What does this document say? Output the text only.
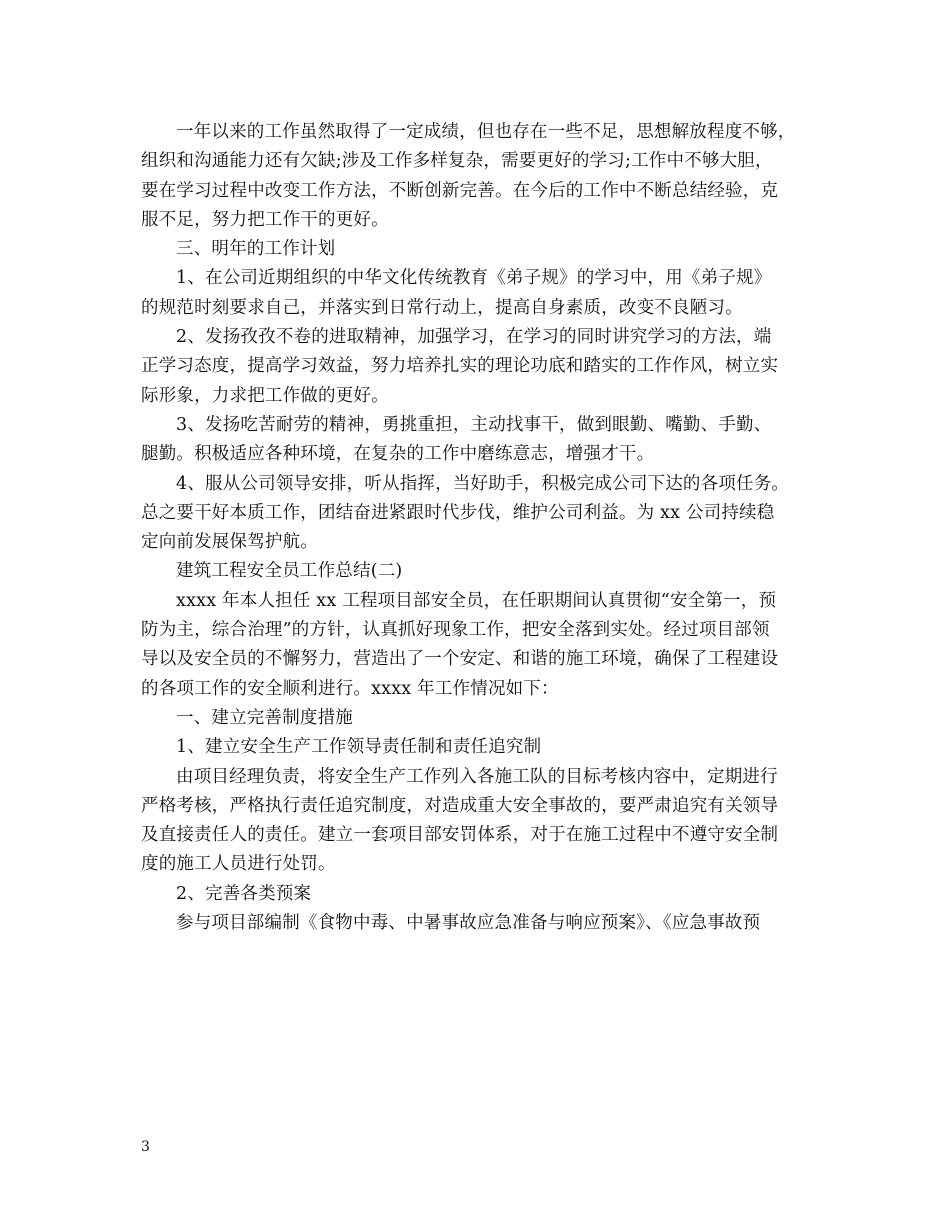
一年以来的工作虽然取得了一定成绩，但也存在一些不足，思想解放程度不够，
组织和沟通能力还有欠缺;涉及工作多样复杂，需要更好的学习;工作中不够大胆，
要在学习过程中改变工作方法，不断创新完善。在今后的工作中不断总结经验，克
服不足，努力把工作干的更好。
三、明年的工作计划
1、在公司近期组织的中华文化传统教育《弟子规》的学习中，用《弟子规》
的规范时刻要求自己，并落实到日常行动上，提高自身素质，改变不良陋习。
2、发扬孜孜不卷的进取精神，加强学习，在学习的同时讲究学习的方法，端
正学习态度，提高学习效益，努力培养扎实的理论功底和踏实的工作作风，树立实
际形象，力求把工作做的更好。
3、发扬吃苦耐劳的精神，勇挑重担，主动找事干，做到眼勤、嘴勤、手勤、
腿勤。积极适应各种环境，在复杂的工作中磨练意志，增强才干。
4、服从公司领导安排，听从指挥，当好助手，积极完成公司下达的各项任务。
总之要干好本质工作，团结奋进紧跟时代步伐，维护公司利益。为 xx 公司持续稳
定向前发展保驾护航。
建筑工程安全员工作总结(二)
xxxx 年本人担任 xx 工程项目部安全员，在任职期间认真贯彻“安全第一，预
防为主，综合治理”的方针，认真抓好现象工作，把安全落到实处。经过项目部领
导以及安全员的不懈努力，营造出了一个安定、和谐的施工环境，确保了工程建设
的各项工作的安全顺利进行。xxxx 年工作情况如下：
一、建立完善制度措施
1、建立安全生产工作领导责任制和责任追究制
由项目经理负责，将安全生产工作列入各施工队的目标考核内容中，定期进行
严格考核，严格执行责任追究制度，对造成重大安全事故的，要严肃追究有关领导
及直接责任人的责任。建立一套项目部安罚体系，对于在施工过程中不遵守安全制
度的施工人员进行处罚。
2、完善各类预案
参与项目部编制《食物中毒、中暑事故应急准备与响应预案》、《应急事故预
3
